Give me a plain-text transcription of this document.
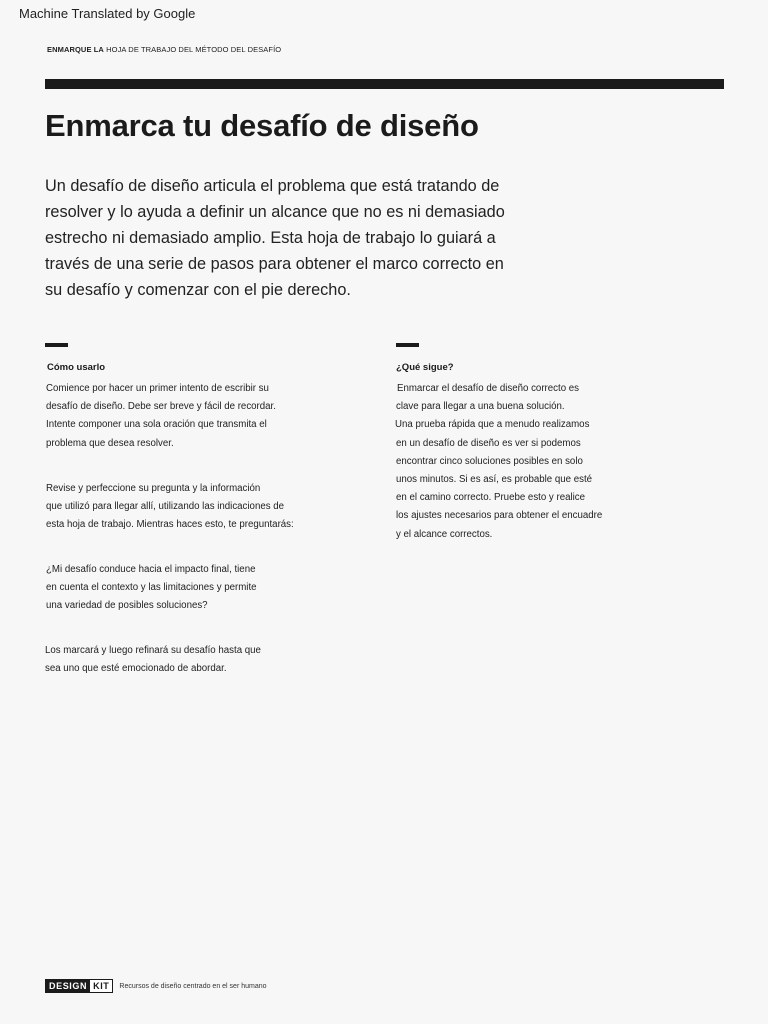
Machine Translated by Google
ENMARQUE LA HOJA DE TRABAJO DEL MÉTODO DEL DESAFÍO
Enmarca tu desafío de diseño
Un desafío de diseño articula el problema que está tratando de
resolver y lo ayuda a definir un alcance que no es ni demasiado
estrecho ni demasiado amplio. Esta hoja de trabajo lo guiará a
través de una serie de pasos para obtener el marco correcto en
su desafío y comenzar con el pie derecho.
Cómo usarlo
Comience por hacer un primer intento de escribir su
desafío de diseño. Debe ser breve y fácil de recordar.
Intente componer una sola oración que transmita el
problema que desea resolver.
Revise y perfeccione su pregunta y la información
que utilizó para llegar allí, utilizando las indicaciones de
esta hoja de trabajo. Mientras haces esto, te preguntarás:
¿Mi desafío conduce hacia el impacto final, tiene
en cuenta el contexto y las limitaciones y permite
una variedad de posibles soluciones?
Los marcará y luego refinará su desafío hasta que
sea uno que esté emocionado de abordar.
¿Qué sigue?
Enmarcar el desafío de diseño correcto es
clave para llegar a una buena solución.
Una prueba rápida que a menudo realizamos
en un desafío de diseño es ver si podemos
encontrar cinco soluciones posibles en solo
unos minutos. Si es así, es probable que esté
en el camino correcto. Pruebe esto y realice
los ajustes necesarios para obtener el encuadre
y el alcance correctos.
DESIGN KIT	Recursos de diseño centrado en el ser humano
